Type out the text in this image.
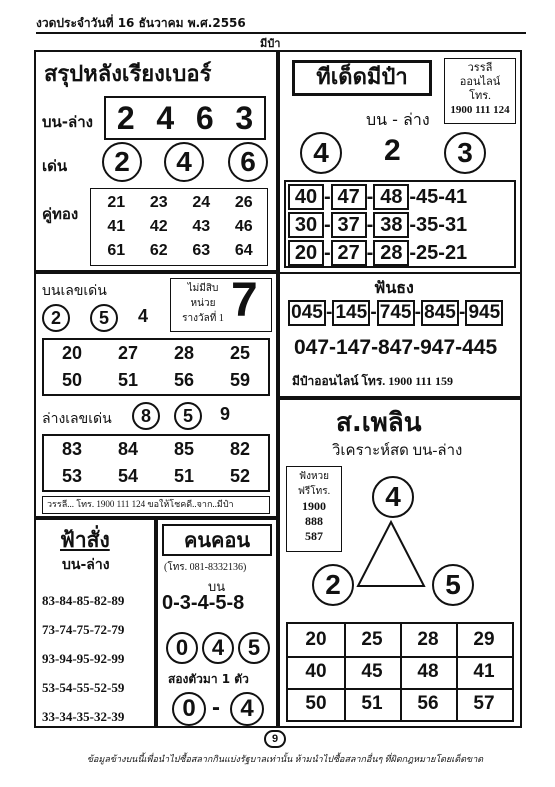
งวดประจำวันที่ 16 ธันวาคม พ.ศ.2556
มีป๋า
สรุปหลังเรียงเบอร์
บน-ล่าง 2 4 6 3
เด่น	2	4	6
คู่ทอง
21 23 24 26
41 42 43 46
61 62 63 64
ทีเด็ดมีป๋า	วรรลี
ออนไลน์
โทร.
1900 111 124
บน - ล่าง
4	2	3
40 - 47 - 48 - 45 - 41
30 - 37 - 38 - 35 - 31
20 - 27 - 28 - 25 - 21
บนเลขเด่น
2	5	4
ไม่มีสิบ
หน่วย
รางวัลที่ 1 7
20 27 28 25
50 51 56 59
ล่างเลขเด่น	8	5	9
83 84 85 82
53 54 51 52
วรรลี... โทร. 1900 111 124 ขอให้โชคดี..จาก..มีป๋า
ฟันธง
045 - 145 - 745 - 845 - 945
047-147-847-947-445
มีป๋าออนไลน์ โทร. 1900 111 159
ส.เพลิน
วิเคราะห์สด บน-ล่าง
ฟังหวย
ฟรีโทร.
1900
888
587
4
2	5
20 25 28 29
40 45 48 41
50 51 56 57
ฟ้าสั่ง
บน-ล่าง
83-84-85-82-89
73-74-75-72-79
93-94-95-92-99
53-54-55-52-59
33-34-35-32-39
คนคอน
(โทร. 081-8332136)
บน
0-3-4-5-8
0	4	5
สองตัวมา 1 ตัว
0 - 4
9
ข้อมูลข้างบนนี้เพื่อนำไปซื้อสลากกินแบ่งรัฐบาลเท่านั้น ห้ามนำไปซื้อสลากอื่นๆ ที่ผิดกฎหมายโดยเด็ดขาด
